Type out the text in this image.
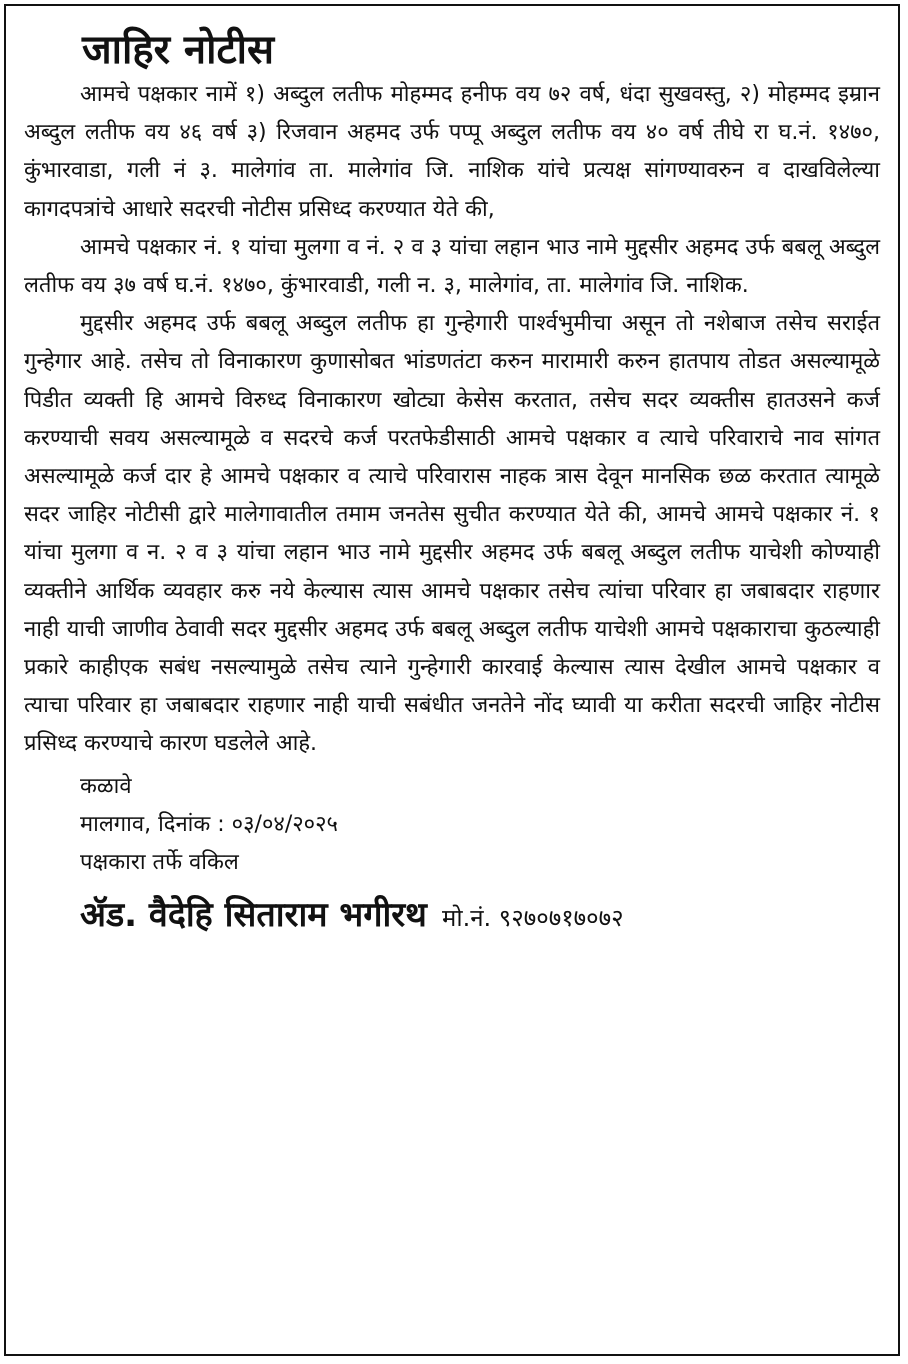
जाहिर नोटीस

आमचे पक्षकार नामें १) अब्दुल लतीफ मोहम्मद हनीफ वय ७२ वर्ष, धंदा सुखवस्तु, २) मोहम्मद इम्रान अब्दुल लतीफ वय ४६ वर्ष ३) रिजवान अहमद उर्फ पप्पू अब्दुल लतीफ वय ४० वर्ष तीघे रा घ.नं. १४७०, कुंभारवाडा, गली नं ३. मालेगांव ता. मालेगांव जि. नाशिक यांचे प्रत्यक्ष सांगण्यावरुन व दाखविलेल्या कागदपत्रांचे आधारे सदरची नोटीस प्रसिध्द करण्यात येते की,

आमचे पक्षकार नं. १ यांचा मुलगा व नं. २ व ३ यांचा लहान भाउ नामे मुद्दसीर अहमद उर्फ बबलू अब्दुल लतीफ वय ३७ वर्ष घ.नं. १४७०, कुंभारवाडी, गली न. ३, मालेगांव, ता. मालेगांव जि. नाशिक.

मुद्दसीर अहमद उर्फ बबलू अब्दुल लतीफ हा गुन्हेगारी पार्श्वभुमीचा असून तो नशेबाज तसेच सराईत गुन्हेगार आहे. तसेच तो विनाकारण कुणासोबत भांडणतंटा करुन मारामारी करुन हातपाय तोडत असल्यामूळे पिडीत व्यक्ती हि आमचे विरुध्द विनाकारण खोट्या केसेस करतात, तसेच सदर व्यक्तीस हातउसने कर्ज करण्याची सवय असल्यामूळे व सदरचे कर्ज परतफेडीसाठी आमचे पक्षकार व त्याचे परिवाराचे नाव सांगत असल्यामूळे कर्ज दार हे आमचे पक्षकार व त्याचे परिवारास नाहक त्रास देवून मानसिक छळ करतात त्यामूळे सदर जाहिर नोटीसी द्वारे मालेगावातील तमाम जनतेस सुचीत करण्यात येते की, आमचे आमचे पक्षकार नं. १ यांचा मुलगा व न. २ व ३ यांचा लहान भाउ नामे मुद्दसीर अहमद उर्फ बबलू अब्दुल लतीफ याचेशी कोण्याही व्यक्तीने आर्थिक व्यवहार करु नये केल्यास त्यास आमचे पक्षकार तसेच त्यांचा परिवार हा जबाबदार राहणार नाही याची जाणीव ठेवावी सदर मुद्दसीर अहमद उर्फ बबलू अब्दुल लतीफ याचेशी आमचे पक्षकाराचा कुठल्याही प्रकारे काहीएक सबंध नसल्यामुळे तसेच त्याने गुन्हेगारी कारवाई केल्यास त्यास देखील आमचे पक्षकार व त्याचा परिवार हा जबाबदार राहणार नाही याची सबंधीत जनतेने नोंद घ्यावी या करीता सदरची जाहिर नोटीस प्रसिध्द करण्याचे कारण घडलेले आहे.

कळावे
मालगाव, दिनांक : ०३/०४/२०२५
पक्षकारा तर्फे वकिल
ॲड. वैदेहि सिताराम भगीरथ मो.नं. ९२७०७१७०७२
